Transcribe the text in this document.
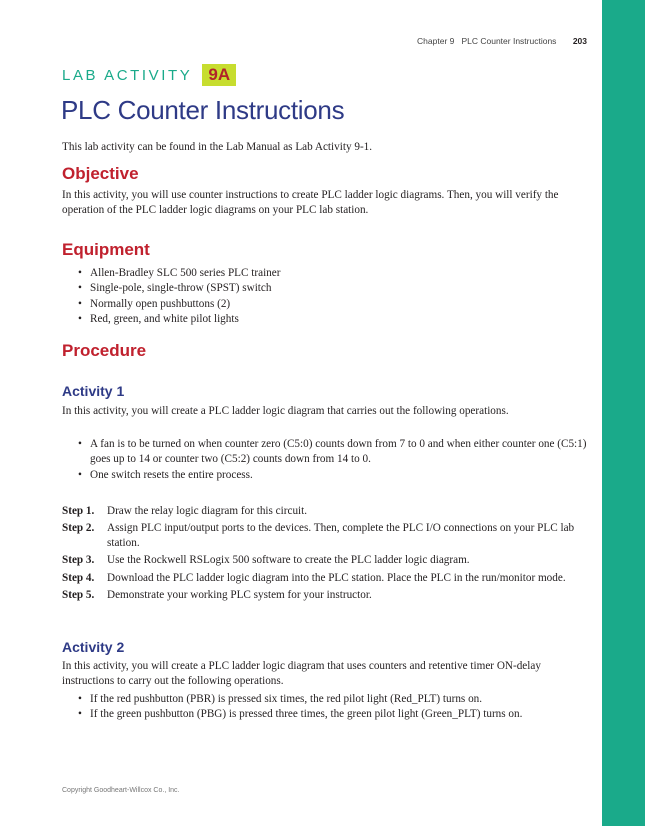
Chapter 9 PLC Counter Instructions 203
LAB ACTIVITY 9A
PLC Counter Instructions

This lab activity can be found in the Lab Manual as Lab Activity 9-1.

Objective

In this activity, you will use counter instructions to create PLC ladder logic diagrams. Then, you will verify the operation of the PLC ladder logic diagrams on your PLC lab station.

Equipment
• Allen-Bradley SLC 500 series PLC trainer
• Single-pole, single-throw (SPST) switch
• Normally open pushbuttons (2)
• Red, green, and white pilot lights
Procedure
Activity 1

In this activity, you will create a PLC ladder logic diagram that carries out the following operations.

• A fan is to be turned on when counter zero (C5:0) counts down from 7 to 0 and when either counter one (C5:1) goes up to 14 or counter two (C5:2) counts down from 14 to 0.
• One switch resets the entire process.
Step 1.	Draw the relay logic diagram for this circuit.
Step 2.	Assign PLC input/output ports to the devices. Then, complete the PLC I/O connections on your PLC lab station.
Step 3.	Use the Rockwell RSLogix 500 software to create the PLC ladder logic diagram.
Step 4.	Download the PLC ladder logic diagram into the PLC station. Place the PLC in the run/monitor mode.
Step 5.	Demonstrate your working PLC system for your instructor.
Activity 2

In this activity, you will create a PLC ladder logic diagram that uses counters and retentive timer ON-delay instructions to carry out the following operations.

• If the red pushbutton (PBR) is pressed six times, the red pilot light (Red_PLT) turns on.
• If the green pushbutton (PBG) is pressed three times, the green pilot light (Green_PLT) turns on.
Copyright Goodheart-Willcox Co., Inc.
